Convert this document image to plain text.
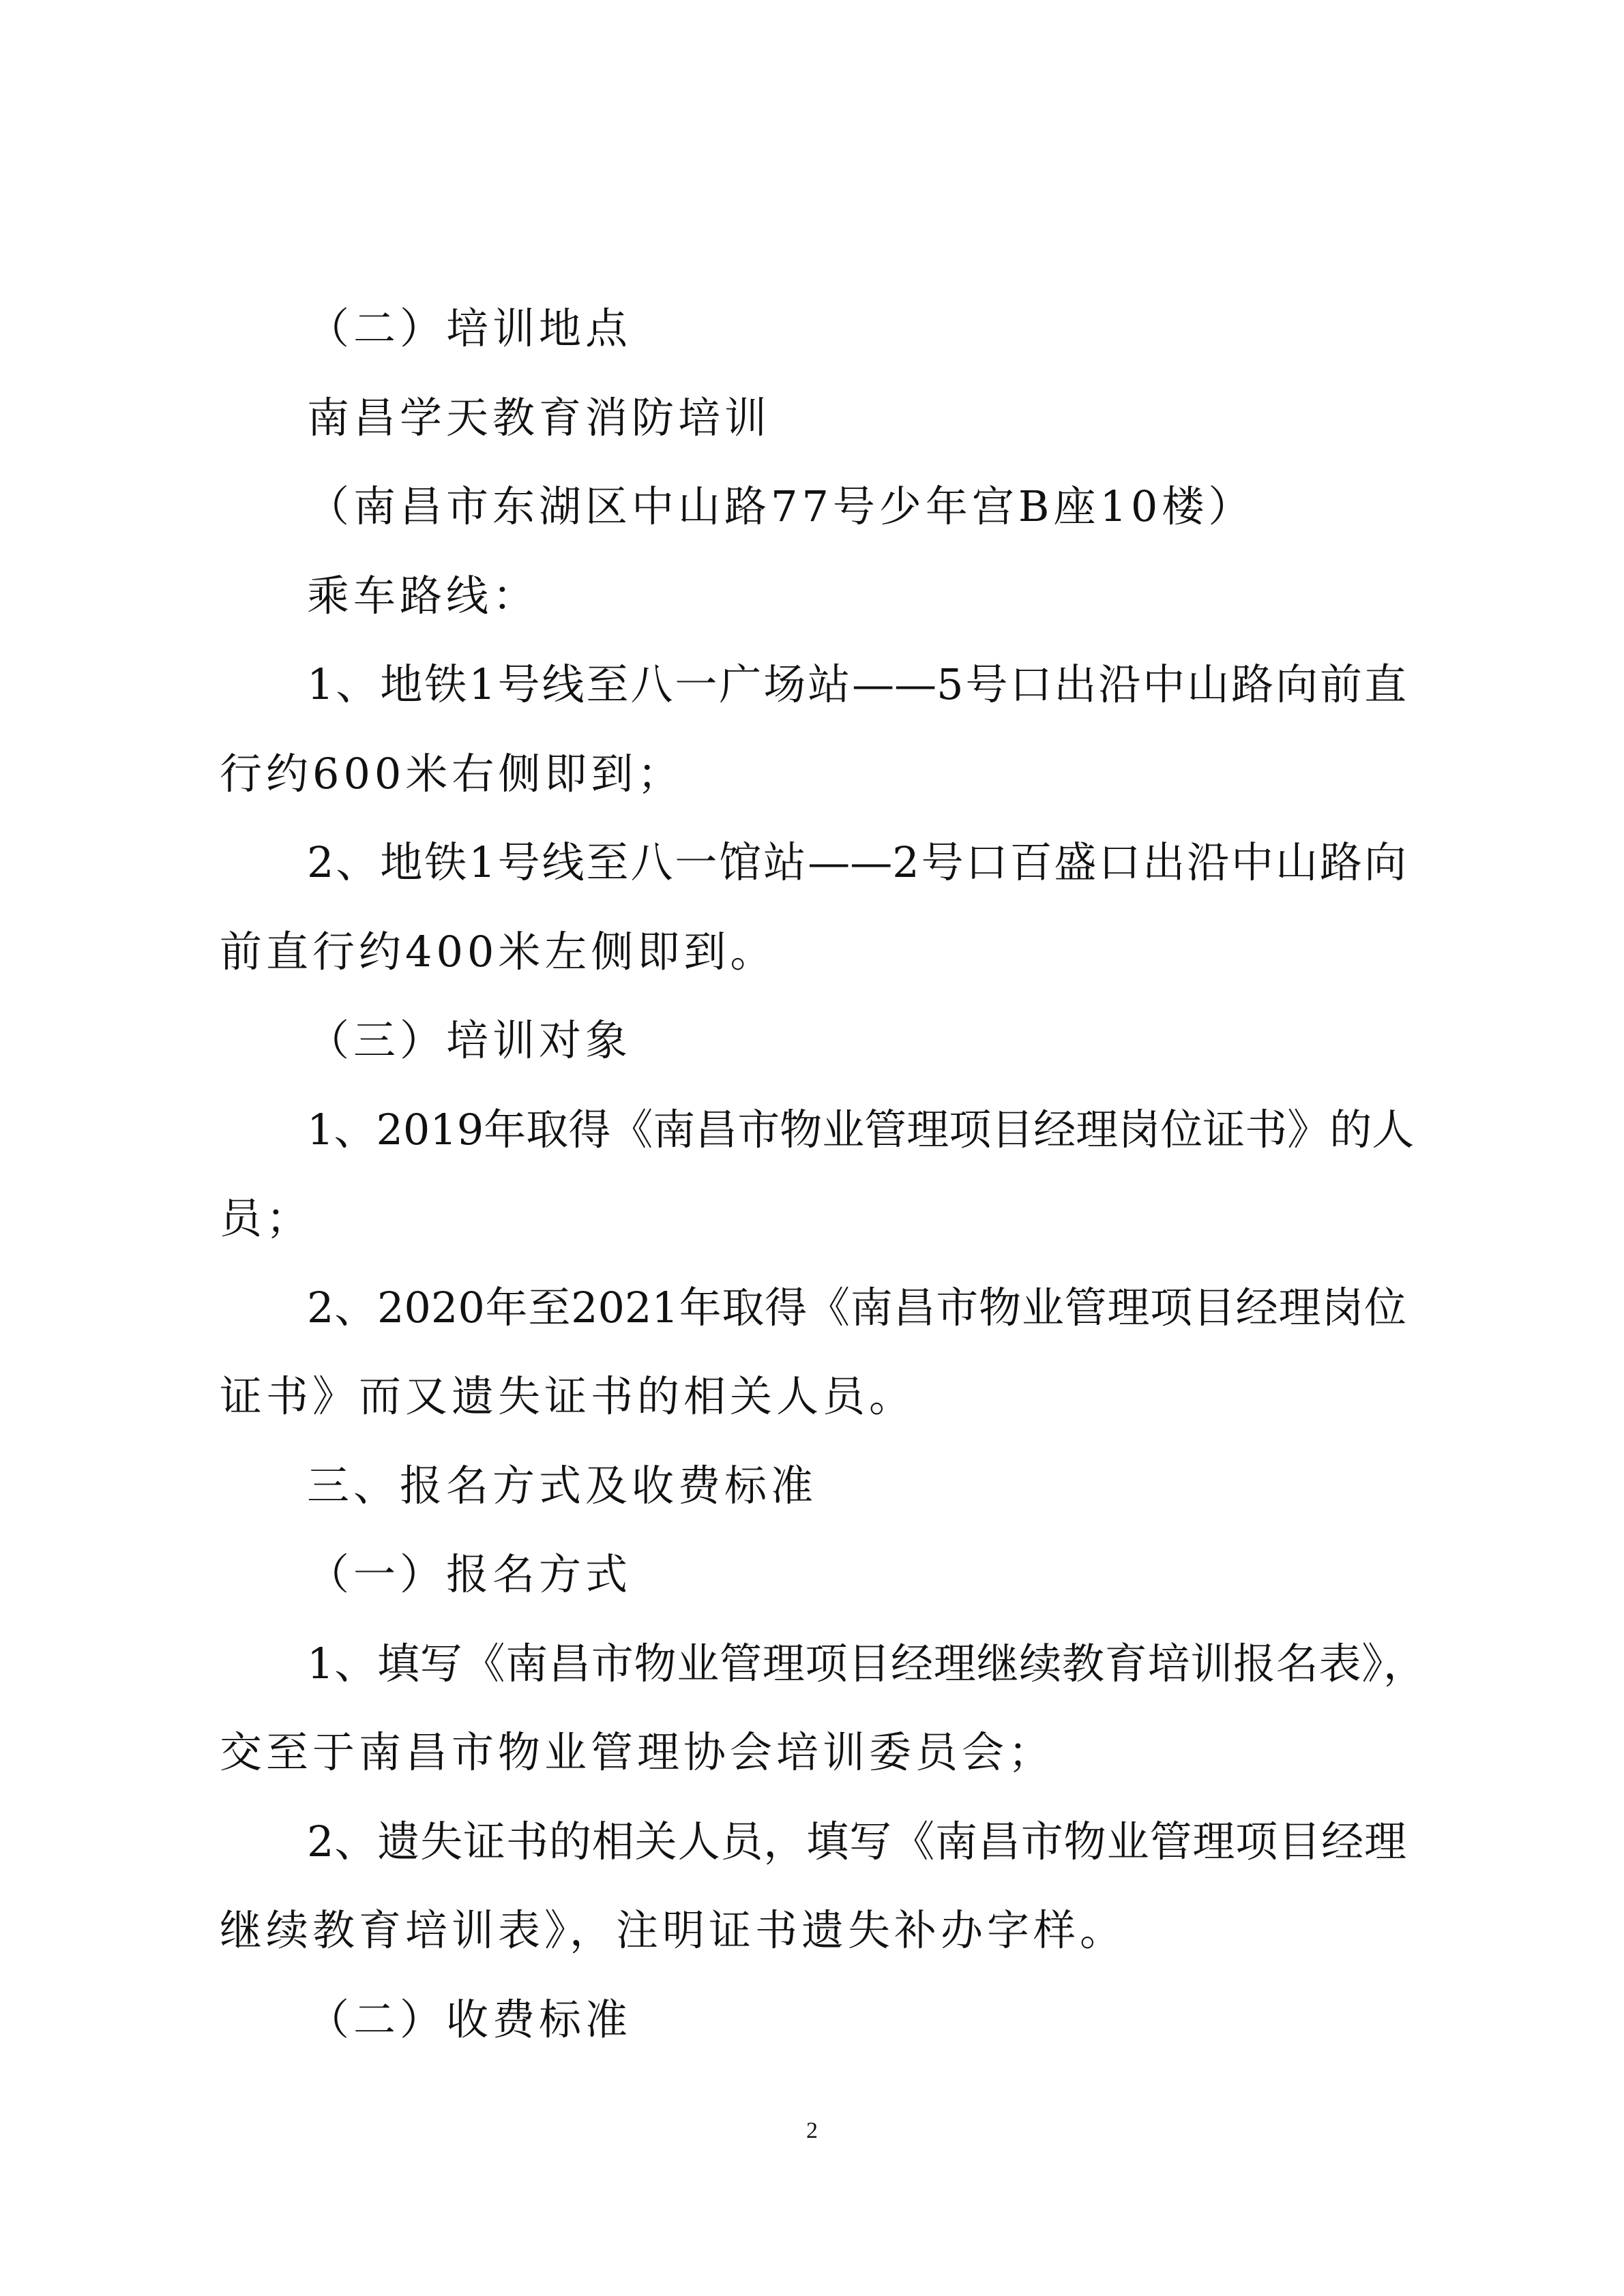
（二）培训地点
南昌学天教育消防培训
（南昌市东湖区中山路77号少年宫B座10楼）
乘车路线：
1、地铁1号线至八一广场站——5号口出沿中山路向前直
行约600米右侧即到；
2、地铁1号线至八一馆站——2号口百盛口出沿中山路向
前直行约400米左侧即到。
（三）培训对象
1、2019年取得《南昌市物业管理项目经理岗位证书》的人
员；
2、2020年至2021年取得《南昌市物业管理项目经理岗位
证书》而又遗失证书的相关人员。
三、报名方式及收费标准
（一）报名方式
1、填写《南昌市物业管理项目经理继续教育培训报名表》，
交至于南昌市物业管理协会培训委员会；
2、遗失证书的相关人员，填写《南昌市物业管理项目经理
继续教育培训表》，注明证书遗失补办字样。
（二）收费标准
2
